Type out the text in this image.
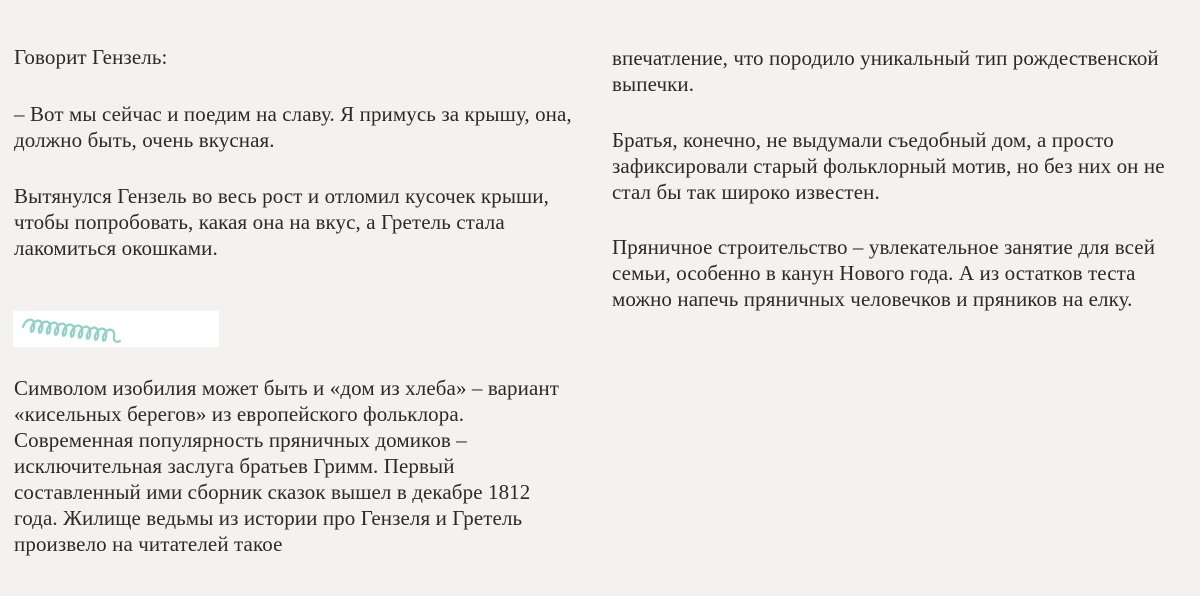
Говорит Гензель:

– Вот мы сейчас и поедим на славу. Я примусь за крышу, она, должно быть, очень вкусная.

Вытянулся Гензель во весь рост и отломил кусочек крыши, чтобы попробовать, какая она на вкус, а Гретель стала лакомиться окошками.

Символом изобилия может быть и «дом из хлеба» – вариант «кисельных берегов» из европейского фольклора. Современная популярность пряничных домиков – исключительная заслуга братьев Гримм. Первый составленный ими сборник сказок вышел в декабре 1812 года. Жилище ведьмы из истории про Гензеля и Гретель произвело на читателей такое

впечатление, что породило уникальный тип рождественской выпечки.

Братья, конечно, не выдумали съедобный дом, а просто зафиксировали старый фольклорный мотив, но без них он не стал бы так широко известен.

Пряничное строительство – увлекательное занятие для всей семьи, особенно в канун Нового года. А из остатков теста можно напечь пряничных человечков и пряников на елку.
